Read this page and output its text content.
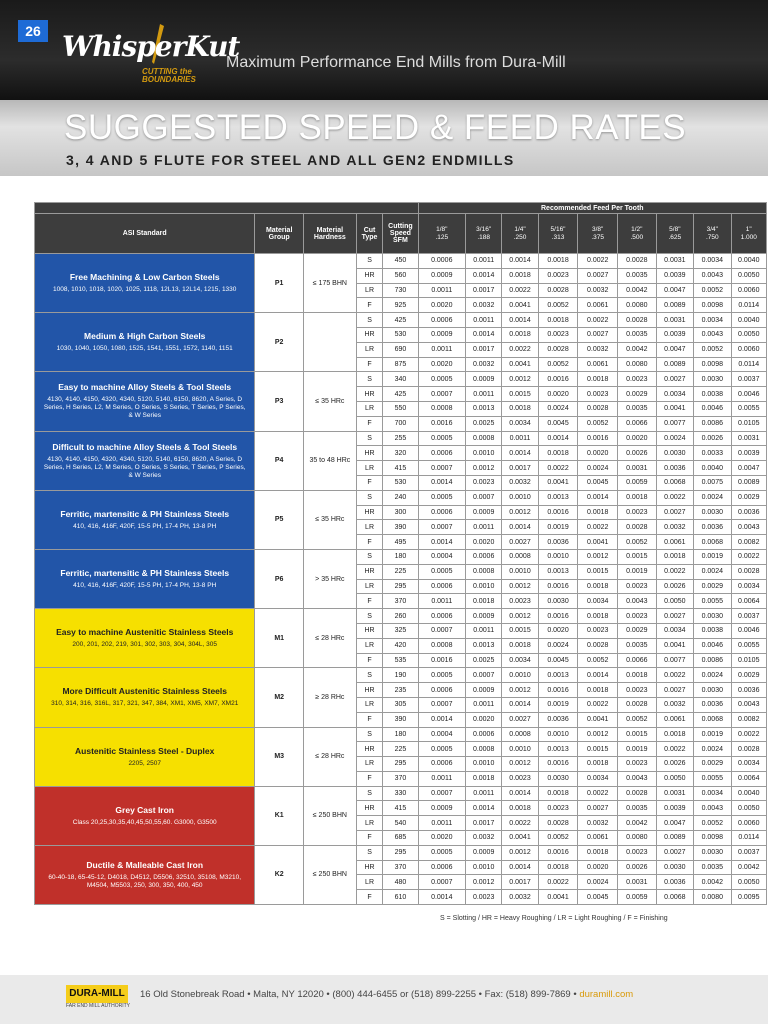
26 WhisperKut
CUTTING the
BOUNDARIES
Maximum Performance End Mills from Dura-Mill
SUGGESTED SPEED & FEED RATES
3, 4 AND 5 FLUTE FOR STEEL AND ALL GEN2 ENDMILLS
					Recommended Feed Per Tooth								
ASI Standard	Material Group	Material Hardness	Cut Type	Cutting Speed SFM	1/8"
.125	3/16"
.188	1/4"
.250	5/16"
.313	3/8"
.375	1/2"
.500	5/8"
.625	3/4"
.750	1"
1.000

Free Machining & Low Carbon Steels
1008, 1010, 1018, 1020, 1025, 1118, 12L13, 12L14, 1215, 1330	P1	≤ 175 BHN	S	450	0.0006	0.0011	0.0014	0.0018	0.0022	0.0028	0.0031	0.0034	0.0040
			HR	560	0.0009	0.0014	0.0018	0.0023	0.0027	0.0035	0.0039	0.0043	0.0050
			LR	730	0.0011	0.0017	0.0022	0.0028	0.0032	0.0042	0.0047	0.0052	0.0060
			F	925	0.0020	0.0032	0.0041	0.0052	0.0061	0.0080	0.0089	0.0098	0.0114

Medium & High Carbon Steels
1030, 1040, 1050, 1080, 1525, 1541, 1551, 1572, 1140, 1151	P2		S	425	0.0006	0.0011	0.0014	0.0018	0.0022	0.0028	0.0031	0.0034	0.0040
			HR	530	0.0009	0.0014	0.0018	0.0023	0.0027	0.0035	0.0039	0.0043	0.0050
			LR	690	0.0011	0.0017	0.0022	0.0028	0.0032	0.0042	0.0047	0.0052	0.0060
			F	875	0.0020	0.0032	0.0041	0.0052	0.0061	0.0080	0.0089	0.0098	0.0114

Easy to machine Alloy Steels & Tool Steels
4130, 4140, 4150, 4320, 4340, 5120, 5140, 6150, 8620, A Series, D Series, H Series, L2, M Series, O Series, S Series, T Series, P Series, & W Series	P3	≤ 35 HRc	S	340	0.0005	0.0009	0.0012	0.0016	0.0018	0.0023	0.0027	0.0030	0.0037
			HR	425	0.0007	0.0011	0.0015	0.0020	0.0023	0.0029	0.0034	0.0038	0.0046
			LR	550	0.0008	0.0013	0.0018	0.0024	0.0028	0.0035	0.0041	0.0046	0.0055
			F	700	0.0016	0.0025	0.0034	0.0045	0.0052	0.0066	0.0077	0.0086	0.0105

Difficult to machine Alloy Steels & Tool Steels
4130, 4140, 4150, 4320, 4340, 5120, 5140, 6150, 8620, A Series, D Series, H Series, L2, M Series, O Series, S Series, T Series, P Series, & W Series	P4	35 to 48 HRc	S	255	0.0005	0.0008	0.0011	0.0014	0.0016	0.0020	0.0024	0.0026	0.0031
			HR	320	0.0006	0.0010	0.0014	0.0018	0.0020	0.0026	0.0030	0.0033	0.0039
			LR	415	0.0007	0.0012	0.0017	0.0022	0.0024	0.0031	0.0036	0.0040	0.0047
			F	530	0.0014	0.0023	0.0032	0.0041	0.0045	0.0059	0.0068	0.0075	0.0089

Ferritic, martensitic & PH Stainless Steels
410, 416, 416F, 420F, 15-5 PH, 17-4 PH, 13-8 PH	P5	≤ 35 HRc	S	240	0.0005	0.0007	0.0010	0.0013	0.0014	0.0018	0.0022	0.0024	0.0029
			HR	300	0.0006	0.0009	0.0012	0.0016	0.0018	0.0023	0.0027	0.0030	0.0036
			LR	390	0.0007	0.0011	0.0014	0.0019	0.0022	0.0028	0.0032	0.0036	0.0043
			F	495	0.0014	0.0020	0.0027	0.0036	0.0041	0.0052	0.0061	0.0068	0.0082

Ferritic, martensitic & PH Stainless Steels
410, 416, 416F, 420F, 15-5 PH, 17-4 PH, 13-8 PH	P6	> 35 HRc	S	180	0.0004	0.0006	0.0008	0.0010	0.0012	0.0015	0.0018	0.0019	0.0022
			HR	225	0.0005	0.0008	0.0010	0.0013	0.0015	0.0019	0.0022	0.0024	0.0028
			LR	295	0.0006	0.0010	0.0012	0.0016	0.0018	0.0023	0.0026	0.0029	0.0034
			F	370	0.0011	0.0018	0.0023	0.0030	0.0034	0.0043	0.0050	0.0055	0.0064

Easy to machine Austenitic Stainless Steels
200, 201, 202, 219, 301, 302, 303, 304, 304L, 305	M1	≤ 28 HRc	S	260	0.0006	0.0009	0.0012	0.0016	0.0018	0.0023	0.0027	0.0030	0.0037
			HR	325	0.0007	0.0011	0.0015	0.0020	0.0023	0.0029	0.0034	0.0038	0.0046
			LR	420	0.0008	0.0013	0.0018	0.0024	0.0028	0.0035	0.0041	0.0046	0.0055
			F	535	0.0016	0.0025	0.0034	0.0045	0.0052	0.0066	0.0077	0.0086	0.0105

More Difficult Austenitic Stainless Steels
310, 314, 316, 316L, 317, 321, 347, 384, XM1, XM5, XM7, XM21	M2	≥ 28 RHc	S	190	0.0005	0.0007	0.0010	0.0013	0.0014	0.0018	0.0022	0.0024	0.0029
			HR	235	0.0006	0.0009	0.0012	0.0016	0.0018	0.0023	0.0027	0.0030	0.0036
			LR	305	0.0007	0.0011	0.0014	0.0019	0.0022	0.0028	0.0032	0.0036	0.0043
			F	390	0.0014	0.0020	0.0027	0.0036	0.0041	0.0052	0.0061	0.0068	0.0082

Austenitic Stainless Steel - Duplex
2205, 2507	M3	≤ 28 HRc	S	180	0.0004	0.0006	0.0008	0.0010	0.0012	0.0015	0.0018	0.0019	0.0022
			HR	225	0.0005	0.0008	0.0010	0.0013	0.0015	0.0019	0.0022	0.0024	0.0028
			LR	295	0.0006	0.0010	0.0012	0.0016	0.0018	0.0023	0.0026	0.0029	0.0034
			F	370	0.0011	0.0018	0.0023	0.0030	0.0034	0.0043	0.0050	0.0055	0.0064

Grey Cast Iron
Class 20,25,30,35,40,45,50,55,60. G3000, G3500	K1	≤ 250 BHN	S	330	0.0007	0.0011	0.0014	0.0018	0.0022	0.0028	0.0031	0.0034	0.0040
			HR	415	0.0009	0.0014	0.0018	0.0023	0.0027	0.0035	0.0039	0.0043	0.0050
			LR	540	0.0011	0.0017	0.0022	0.0028	0.0032	0.0042	0.0047	0.0052	0.0060
			F	685	0.0020	0.0032	0.0041	0.0052	0.0061	0.0080	0.0089	0.0098	0.0114

Ductile & Malleable Cast Iron
60-40-18, 65-45-12, D4018, D4512, D5506, 32510, 35108, M3210, M4504, M5503, 250, 300, 350, 400, 450	K2	≤ 250 BHN	S	295	0.0005	0.0009	0.0012	0.0016	0.0018	0.0023	0.0027	0.0030	0.0037
			HR	370	0.0006	0.0010	0.0014	0.0018	0.0020	0.0026	0.0030	0.0035	0.0042
			LR	480	0.0007	0.0012	0.0017	0.0022	0.0024	0.0031	0.0036	0.0042	0.0050
			F	610	0.0014	0.0023	0.0032	0.0041	0.0045	0.0059	0.0068	0.0080	0.0095
S = Slotting / HR = Heavy Roughing / LR = Light Roughing / F = Finishing
DURA-MILL
FAR END MILL AUTHORITY
16 Old Stonebreak Road • Malta, NY 12020 • (800) 444-6455 or (518) 899-2255 • Fax: (518) 899-7869 • duramill.com
